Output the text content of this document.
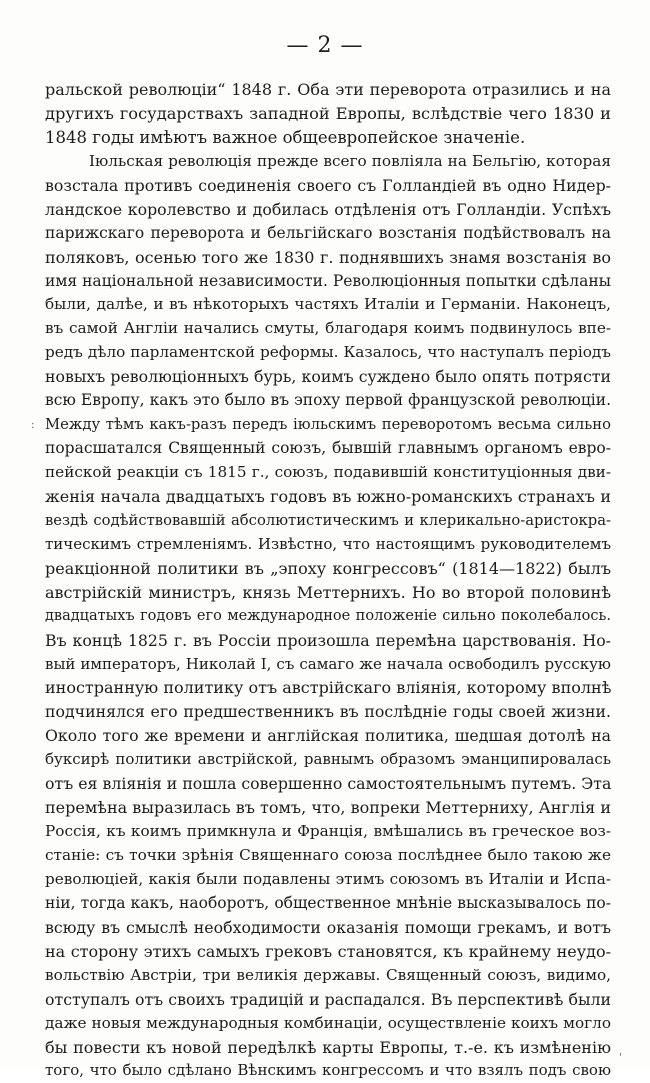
— 2 —
ральской революціи“ 1848 г. Оба эти переворота отразились и на
другихъ государствахъ западной Европы, вслѣдствіе чего 1830 и
1848 годы имѣютъ важное общеевропейское значеніе.
Іюльская революція прежде всего повліяла на Бельгію, которая
возстала противъ соединенія своего съ Голландіей въ одно Нидер-
ландское королевство и добилась отдѣленія отъ Голландіи. Успѣхъ
парижскаго переворота и бельгійскаго возстанія подѣйствовалъ на
поляковъ, осенью того же 1830 г. поднявшихъ знамя возстанія во
имя національной независимости. Революціонныя попытки сдѣланы
были, далѣе, и въ нѣкоторыхъ частяхъ Италіи и Германіи. Наконецъ,
въ самой Англіи начались смуты, благодаря коимъ подвинулось впе-
редъ дѣло парламентской реформы. Казалось, что наступалъ періодъ
новыхъ революціонныхъ бурь, коимъ суждено было опять потрясти
всю Европу, какъ это было въ эпоху первой французской революціи.
Между тѣмъ какъ-разъ передъ іюльскимъ переворотомъ весьма сильно
порасшатался Священный союзъ, бывшій главнымъ органомъ евро-
пейской реакціи съ 1815 г., союзъ, подавившій конституціонныя дви-
женія начала двадцатыхъ годовъ въ южно-романскихъ странахъ и
вездѣ содѣйствовавшій абсолютистическимъ и клерикально-аристокра-
тическимъ стремленіямъ. Извѣстно, что настоящимъ руководителемъ
реакціонной политики въ „эпоху конгрессовъ“ (1814—1822) былъ
австрійскій министръ, князь Меттернихъ. Но во второй половинѣ
двадцатыхъ годовъ его международное положеніе сильно поколебалось.
Въ концѣ 1825 г. въ Россіи произошла перемѣна царствованія. Но-
вый императоръ, Николай I, съ самаго же начала освободилъ русскую
иностранную политику отъ австрійскаго вліянія, которому вполнѣ
подчинялся его предшественникъ въ послѣдніе годы своей жизни.
Около того же времени и англійская политика, шедшая дотолѣ на
буксирѣ политики австрійской, равнымъ образомъ эманципировалась
отъ ея вліянія и пошла совершенно самостоятельнымъ путемъ. Эта
перемѣна выразилась въ томъ, что, вопреки Меттерниху, Англія и
Россія, къ коимъ примкнула и Франція, вмѣшались въ греческое воз-
станіе: съ точки зрѣнія Священнаго союза послѣднее было такою же
революціей, какія были подавлены этимъ союзомъ въ Италіи и Испа-
ніи, тогда какъ, наоборотъ, общественное мнѣніе высказывалось по-
всюду въ смыслѣ необходимости оказанія помощи грекамъ, и вотъ
на сторону этихъ самыхъ грековъ становятся, къ крайнему неудо-
вольствію Австріи, три великія державы. Священный союзъ, видимо,
отступалъ отъ своихъ традицій и распадался. Въ перспективѣ были
даже новыя международныя комбинаціи, осуществленіе коихъ могло
бы повести къ новой передѣлкѣ карты Европы, т.-е. къ измѣненію
того, что было сдѣлано Вѣнскимъ конгрессомъ и что взялъ подъ свою
:
'
